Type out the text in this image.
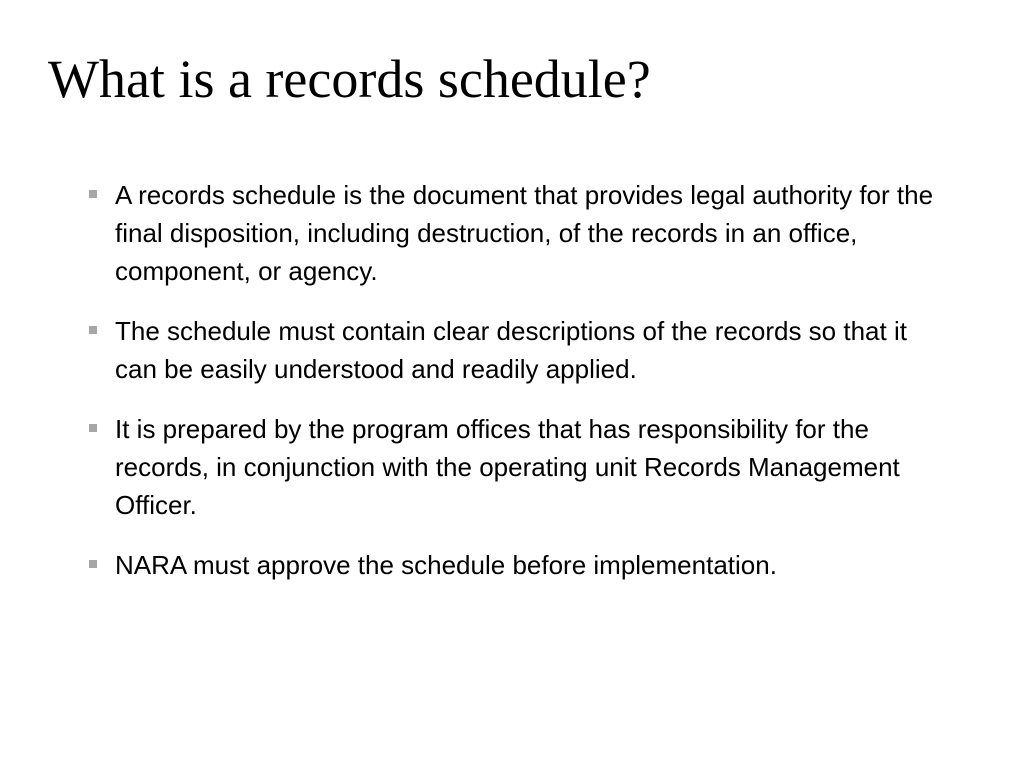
What is a records schedule?
A records schedule is the document that provides legal authority for the final disposition, including destruction, of the records in an office, component, or agency.
The schedule must contain clear descriptions of the records so that it can be easily understood and readily applied.
It is prepared by the program offices that has responsibility for the records, in conjunction with the operating unit Records Management Officer.
NARA must approve the schedule before implementation.
